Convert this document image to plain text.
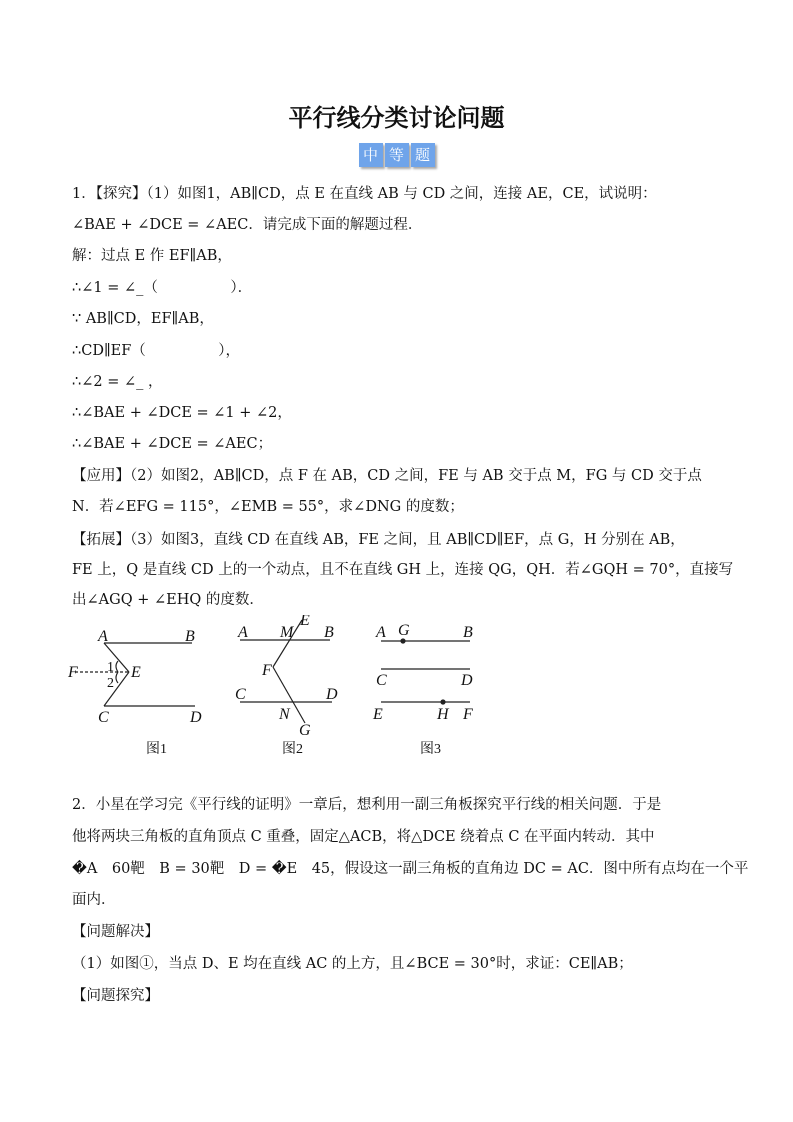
平行线分类讨论问题
中 等 题
1．【探究】（1）如图1，AB∥CD，点 E 在直线 AB 与 CD 之间，连接 AE，CE，试说明：
∠BAE + ∠DCE = ∠AEC．请完成下面的解题过程．
解：过点 E 作 EF∥AB，
∴∠1 = ∠_（　　　　　）．
∵ AB∥CD，EF∥AB，
∴CD∥EF（　　　　　），
∴∠2 = ∠_ ，
∴∠BAE + ∠DCE = ∠1 + ∠2，
∴∠BAE + ∠DCE = ∠AEC；
【应用】（2）如图2，AB∥CD，点 F 在 AB，CD 之间，FE 与 AB 交于点 M，FG 与 CD 交于点
N．若∠EFG = 115°，∠EMB = 55°，求∠DNG 的度数；
【拓展】（3）如图3，直线 CD 在直线 AB，FE 之间，且 AB∥CD∥EF，点 G，H 分别在 AB，
FE 上，Q 是直线 CD 上的一个动点，且不在直线 GH 上，连接 QG，QH．若∠GQH = 70°，直接写
出∠AGQ + ∠EHQ 的度数．
A	B
F 1
2
E
C	D
图1
E
A M B
F
C	D
N
G
图2
A G	B
C	D
E	H F
图3
2．小星在学习完《平行线的证明》一章后，想利用一副三角板探究平行线的相关问题．于是
他将两块三角板的直角顶点 C 重叠，固定△ACB，将△DCE 绕着点 C 在平面内转动．其中
�A　60靶　B = 30靶　D = �E　45，假设这一副三角板的直角边 DC = AC．图中所有点均在一个平
面内．
【问题解决】
（1）如图①，当点 D、E 均在直线 AC 的上方，且∠BCE = 30°时，求证：CE∥AB；
【问题探究】
